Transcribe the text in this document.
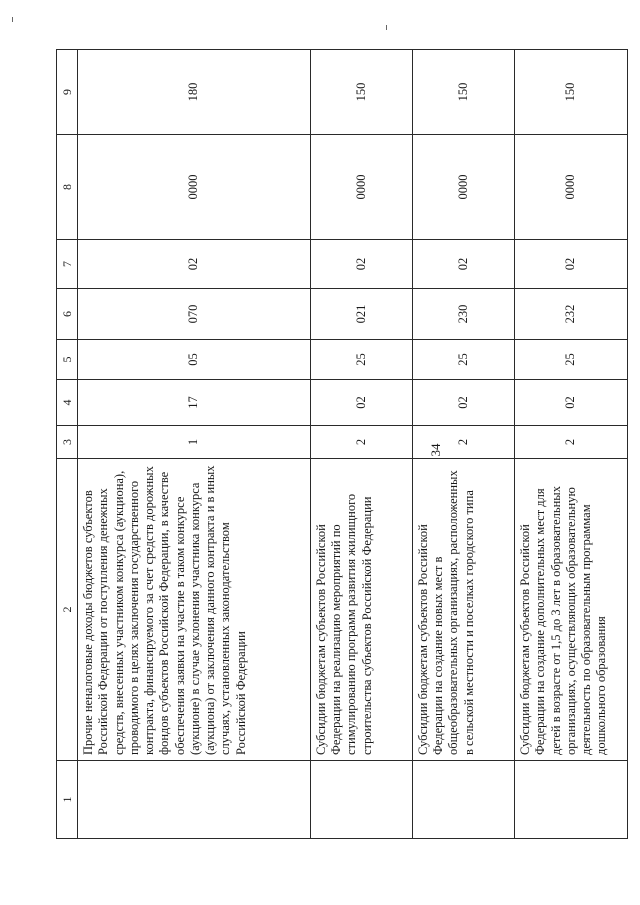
34
1	2	3	4	5	6	7	8	9
	Прочие неналоговые доходы бюджетов субъектов Российской Федерации от поступления денежных средств, внесенных участником конкурса (аукциона), проводимого в целях заключения государственного контракта, финансируемого за счет средств дорожных фондов субъектов Российской Федерации, в качестве обеспечения заявки на участие в таком конкурсе (аукционе) в случае уклонения участника конкурса (аукциона) от заключения данного контракта и в иных случаях, установленных законодательством Российской Федерации	1	17	05	070	02	0000	180
	Субсидии бюджетам субъектов Российской Федерации на реализацию мероприятий по стимулированию программ развития жилищного строительства субъектов Российской Федерации	2	02	25	021	02	0000	150
	Субсидии бюджетам субъектов Российской Федерации на создание новых мест в общеобразовательных организациях, расположенных в сельской местности и поселках городского типа	2	02	25	230	02	0000	150
	Субсидии бюджетам субъектов Российской Федерации на создание дополнительных мест для детей в возрасте от 1,5 до 3 лет в образовательных организациях, осуществляющих образовательную деятельность по образовательным программам дошкольного образования	2	02	25	232	02	0000	150
